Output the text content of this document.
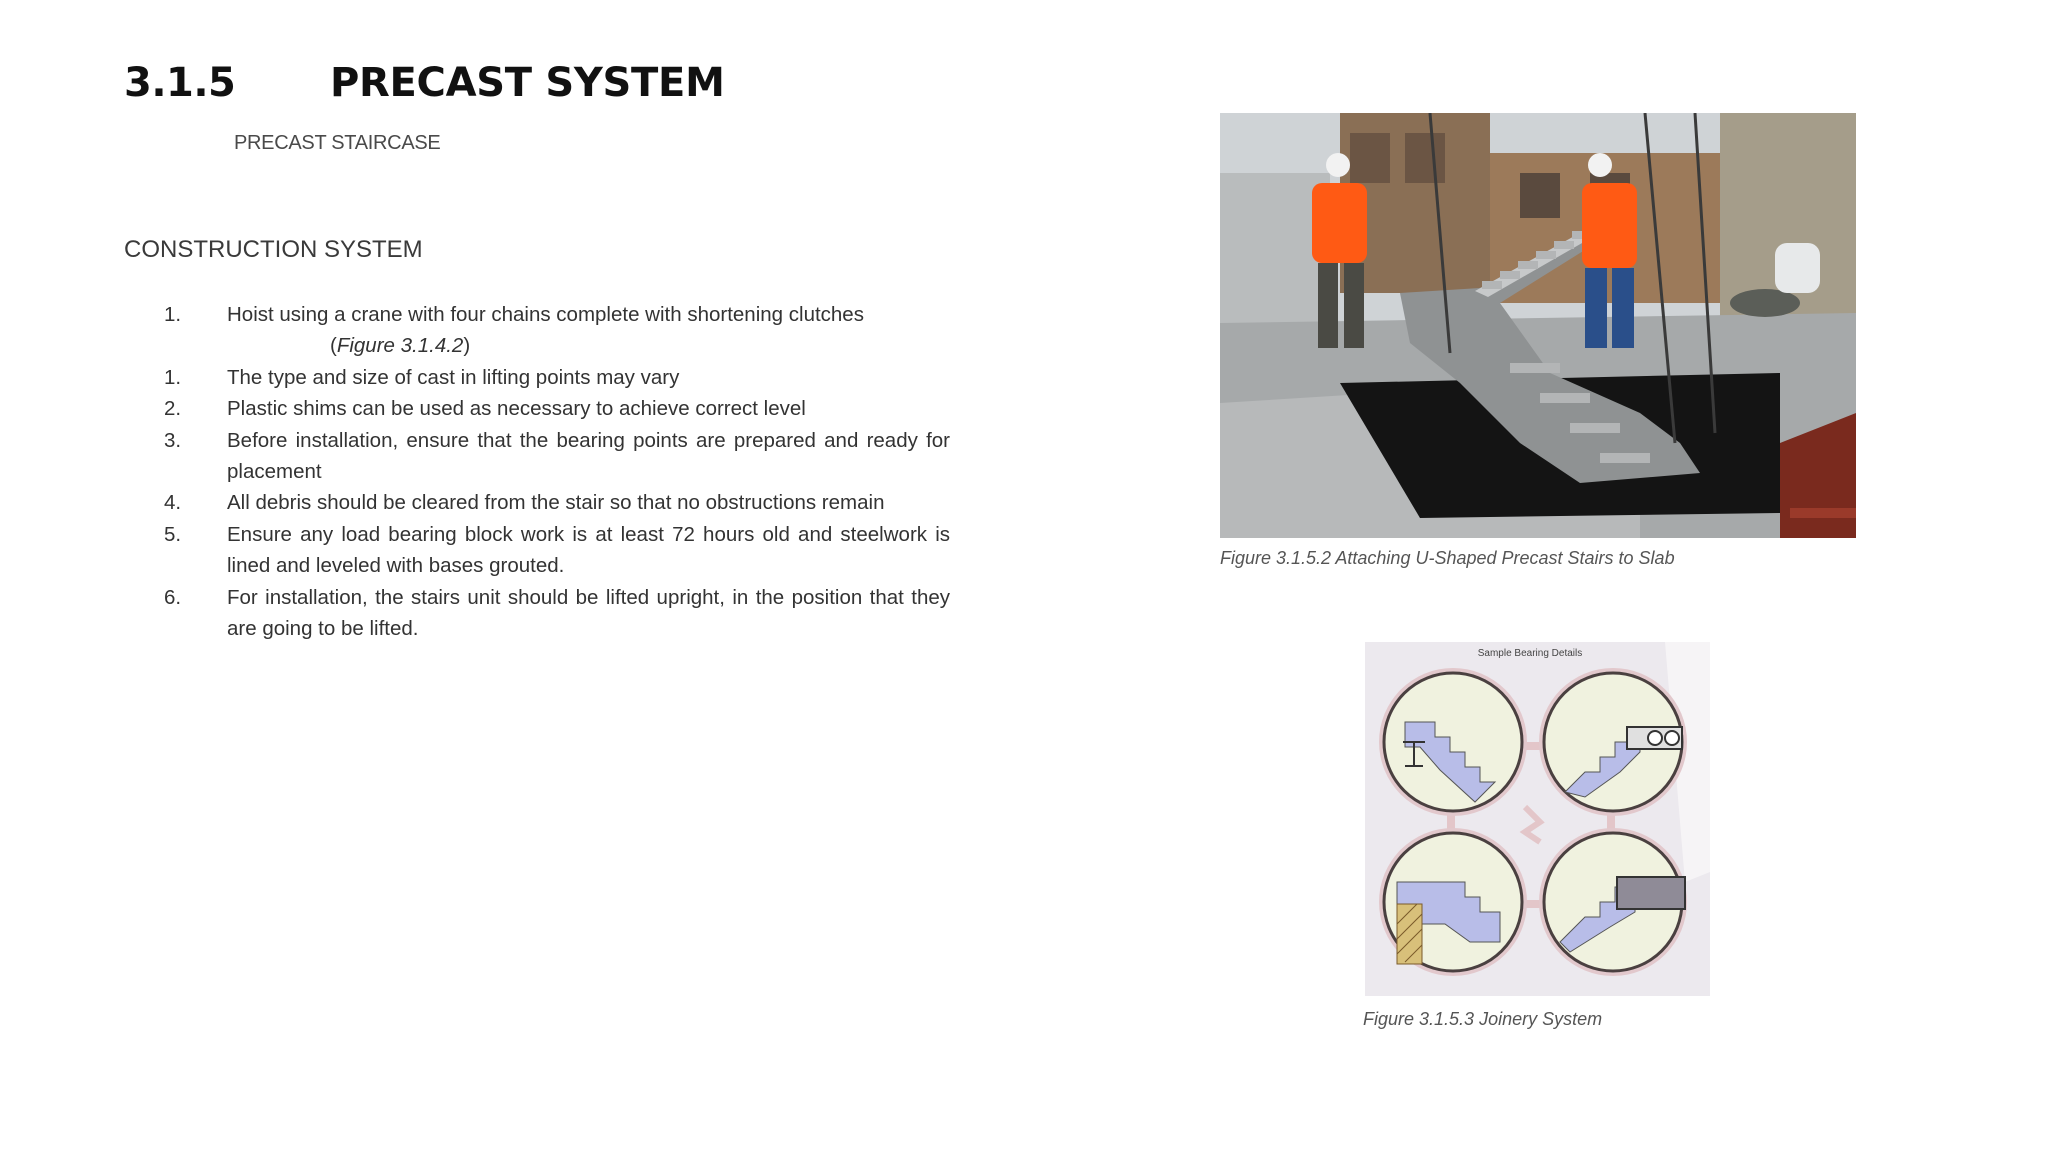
3.1.5 PRECAST SYSTEM
PRECAST STAIRCASE
CONSTRUCTION SYSTEM
1. Hoist using a crane with four chains complete with shortening clutches
(Figure 3.1.4.2)
1. The type and size of cast in lifting points may vary
2. Plastic shims can be used as necessary to achieve correct level
3. Before installation, ensure that the bearing points are prepared and ready for placement
4. All debris should be cleared from the stair so that no obstructions remain
5. Ensure any load bearing block work is at least 72 hours old and steelwork is lined and leveled with bases grouted.
6. For installation, the stairs unit should be lifted upright, in the position that they are going to be lifted.
Figure 3.1.5.2 Attaching U-Shaped Precast Stairs to Slab
Sample Bearing Details
Figure 3.1.5.3 Joinery System
